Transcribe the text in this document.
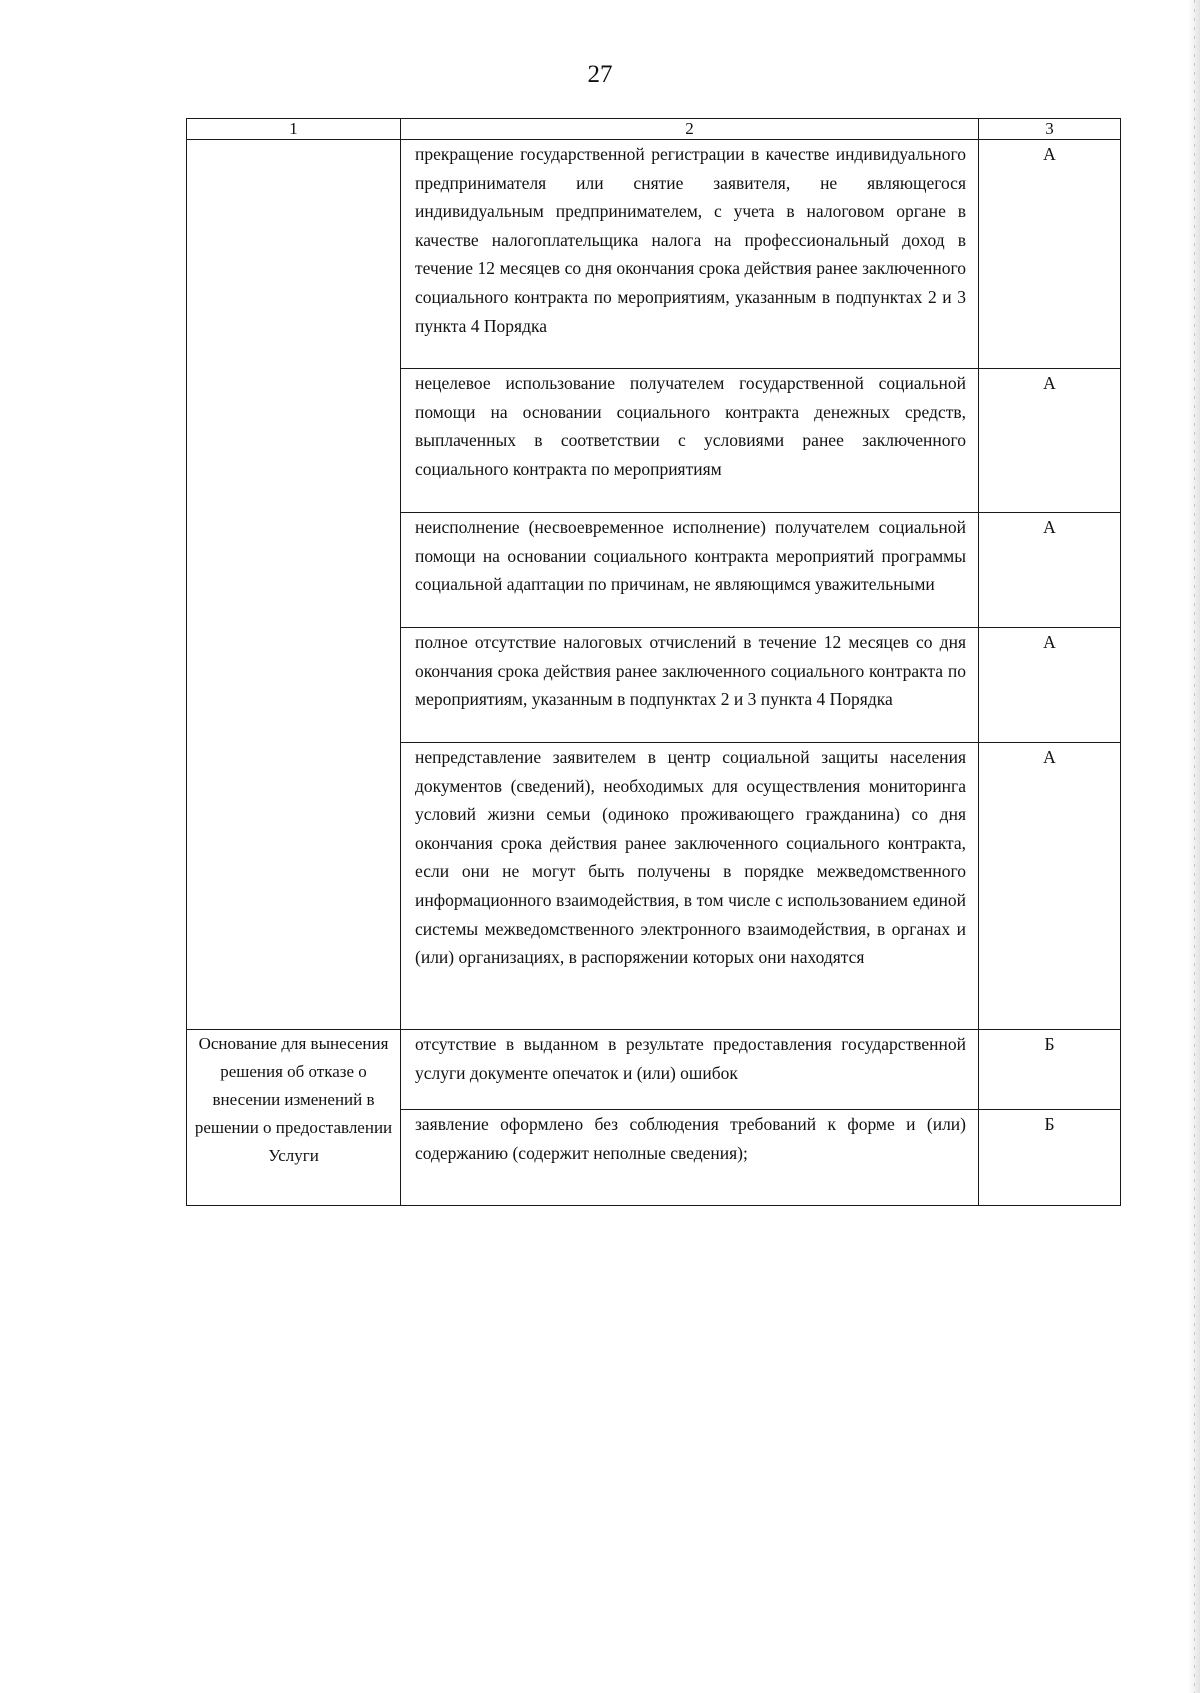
27
1	2	3
	прекращение государственной регистрации в качестве индивидуального предпринимателя или снятие заявителя, не являющегося индивидуальным предпринимателем, с учета в налоговом органе в качестве налогоплательщика налога на профессиональный доход в течение 12 месяцев со дня окончания срока действия ранее заключенного социального контракта по мероприятиям, указанным в подпунктах 2 и 3 пункта 4 Порядка	А
	нецелевое использование получателем государственной социальной помощи на основании социального контракта денежных средств, выплаченных в соответствии с условиями ранее заключенного социального контракта по мероприятиям	А
	неисполнение (несвоевременное исполнение) получателем социальной помощи на основании социального контракта мероприятий программы социальной адаптации по причинам, не являющимся уважительными	А
	полное отсутствие налоговых отчислений в течение 12 месяцев со дня окончания срока действия ранее заключенного социального контракта по мероприятиям, указанным в подпунктах 2 и 3 пункта 4 Порядка	А
	непредставление заявителем в центр социальной защиты населения документов (сведений), необходимых для осуществления мониторинга условий жизни семьи (одиноко проживающего гражданина) со дня окончания срока действия ранее заключенного социального контракта, если они не могут быть получены в порядке межведомственного информационного взаимодействия, в том числе с использованием единой системы межведомственного электронного взаимодействия, в органах и (или) организациях, в распоряжении которых они находятся	А

Основание для вынесения решения об отказе о внесении изменений в решении о предоставлении Услуги	отсутствие в выданном в результате предоставления государственной услуги документе опечаток и (или) ошибок	Б
	заявление оформлено без соблюдения требований к форме и (или) содержанию (содержит неполные сведения);	Б
